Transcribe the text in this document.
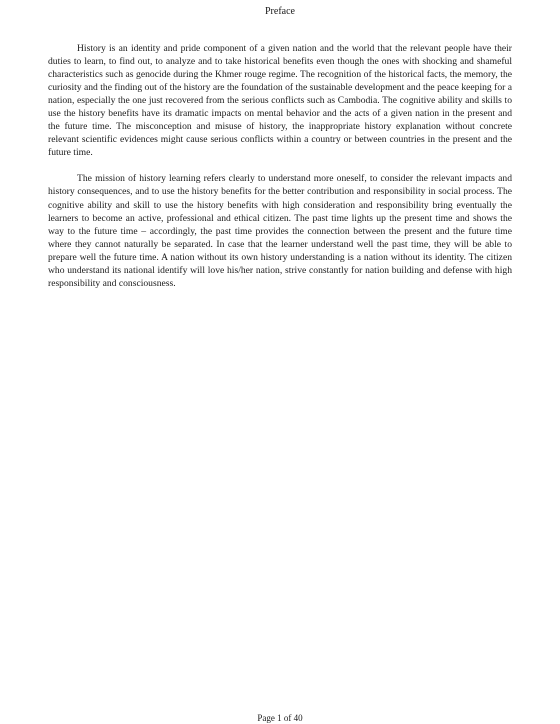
Preface

History is an identity and pride component of a given nation and the world that the relevant people have their duties to learn, to find out, to analyze and to take historical benefits even though the ones with shocking and shameful characteristics such as genocide during the Khmer rouge regime. The recognition of the historical facts, the memory, the curiosity and the finding out of the history are the foundation of the sustainable development and the peace keeping for a nation, especially the one just recovered from the serious conflicts such as Cambodia. The cognitive ability and skills to use the history benefits have its dramatic impacts on mental behavior and the acts of a given nation in the present and the future time. The misconception and misuse of history, the inappropriate history explanation without concrete relevant scientific evidences might cause serious conflicts within a country or between countries in the present and the future time.

The mission of history learning refers clearly to understand more oneself, to consider the relevant impacts and history consequences, and to use the history benefits for the better contribution and responsibility in social process. The cognitive ability and skill to use the history benefits with high consideration and responsibility bring eventually the learners to become an active, professional and ethical citizen. The past time lights up the present time and shows the way to the future time – accordingly, the past time provides the connection between the present and the future time where they cannot naturally be separated. In case that the learner understand well the past time, they will be able to prepare well the future time. A nation without its own history understanding is a nation without its identity. The citizen who understand its national identify will love his/her nation, strive constantly for nation building and defense with high responsibility and consciousness.

Page 1 of 40
